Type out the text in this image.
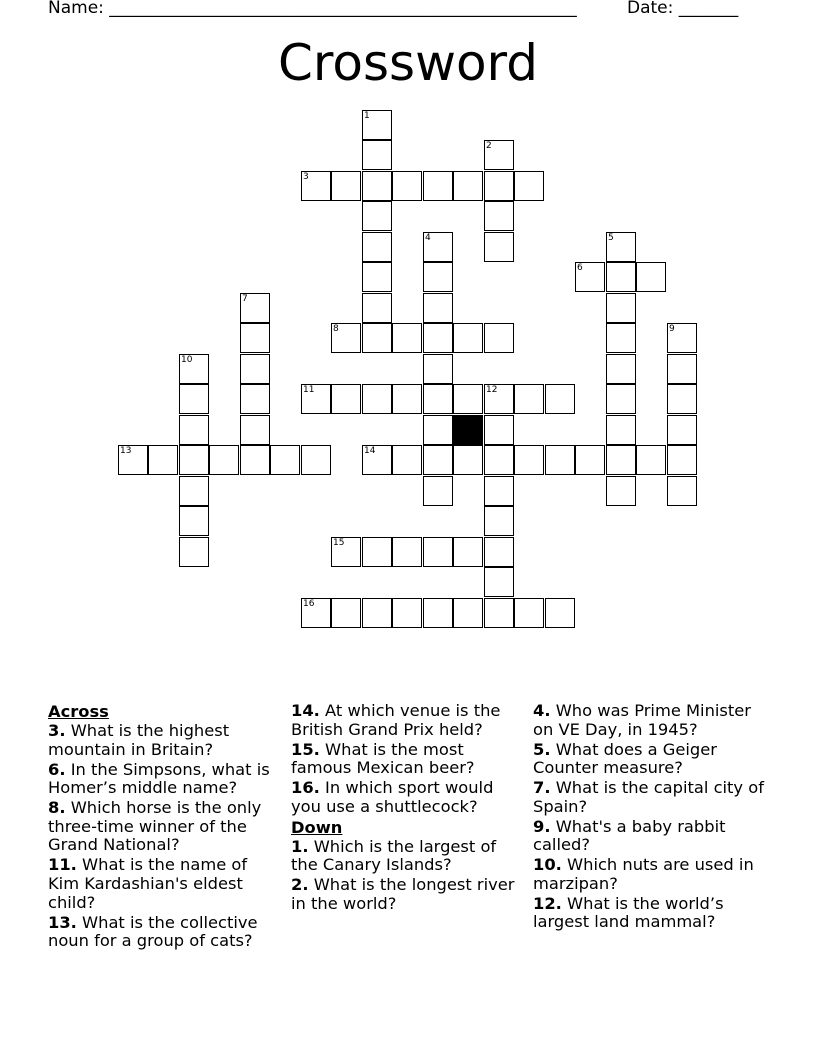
Name: _______________________________________________________	Date: _______
Crossword
1
2
3
4	5
6
7
8	9
10
11	12
13	14
15
16
Across

3. What is the highest mountain in Britain?

6. In the Simpsons, what is Homer’s middle name?

8. Which horse is the only three-time winner of the Grand National?

11. What is the name of Kim Kardashian's eldest child?

13. What is the collective noun for a group of cats?

14. At which venue is the British Grand Prix held?

15. What is the most famous Mexican beer?

16. In which sport would you use a shuttlecock?

Down

1. Which is the largest of the Canary Islands?

2. What is the longest river in the world?

4. Who was Prime Minister on VE Day, in 1945?

5. What does a Geiger Counter measure?

7. What is the capital city of Spain?

9. What's a baby rabbit called?

10. Which nuts are used in marzipan?

12. What is the world’s largest land mammal?
